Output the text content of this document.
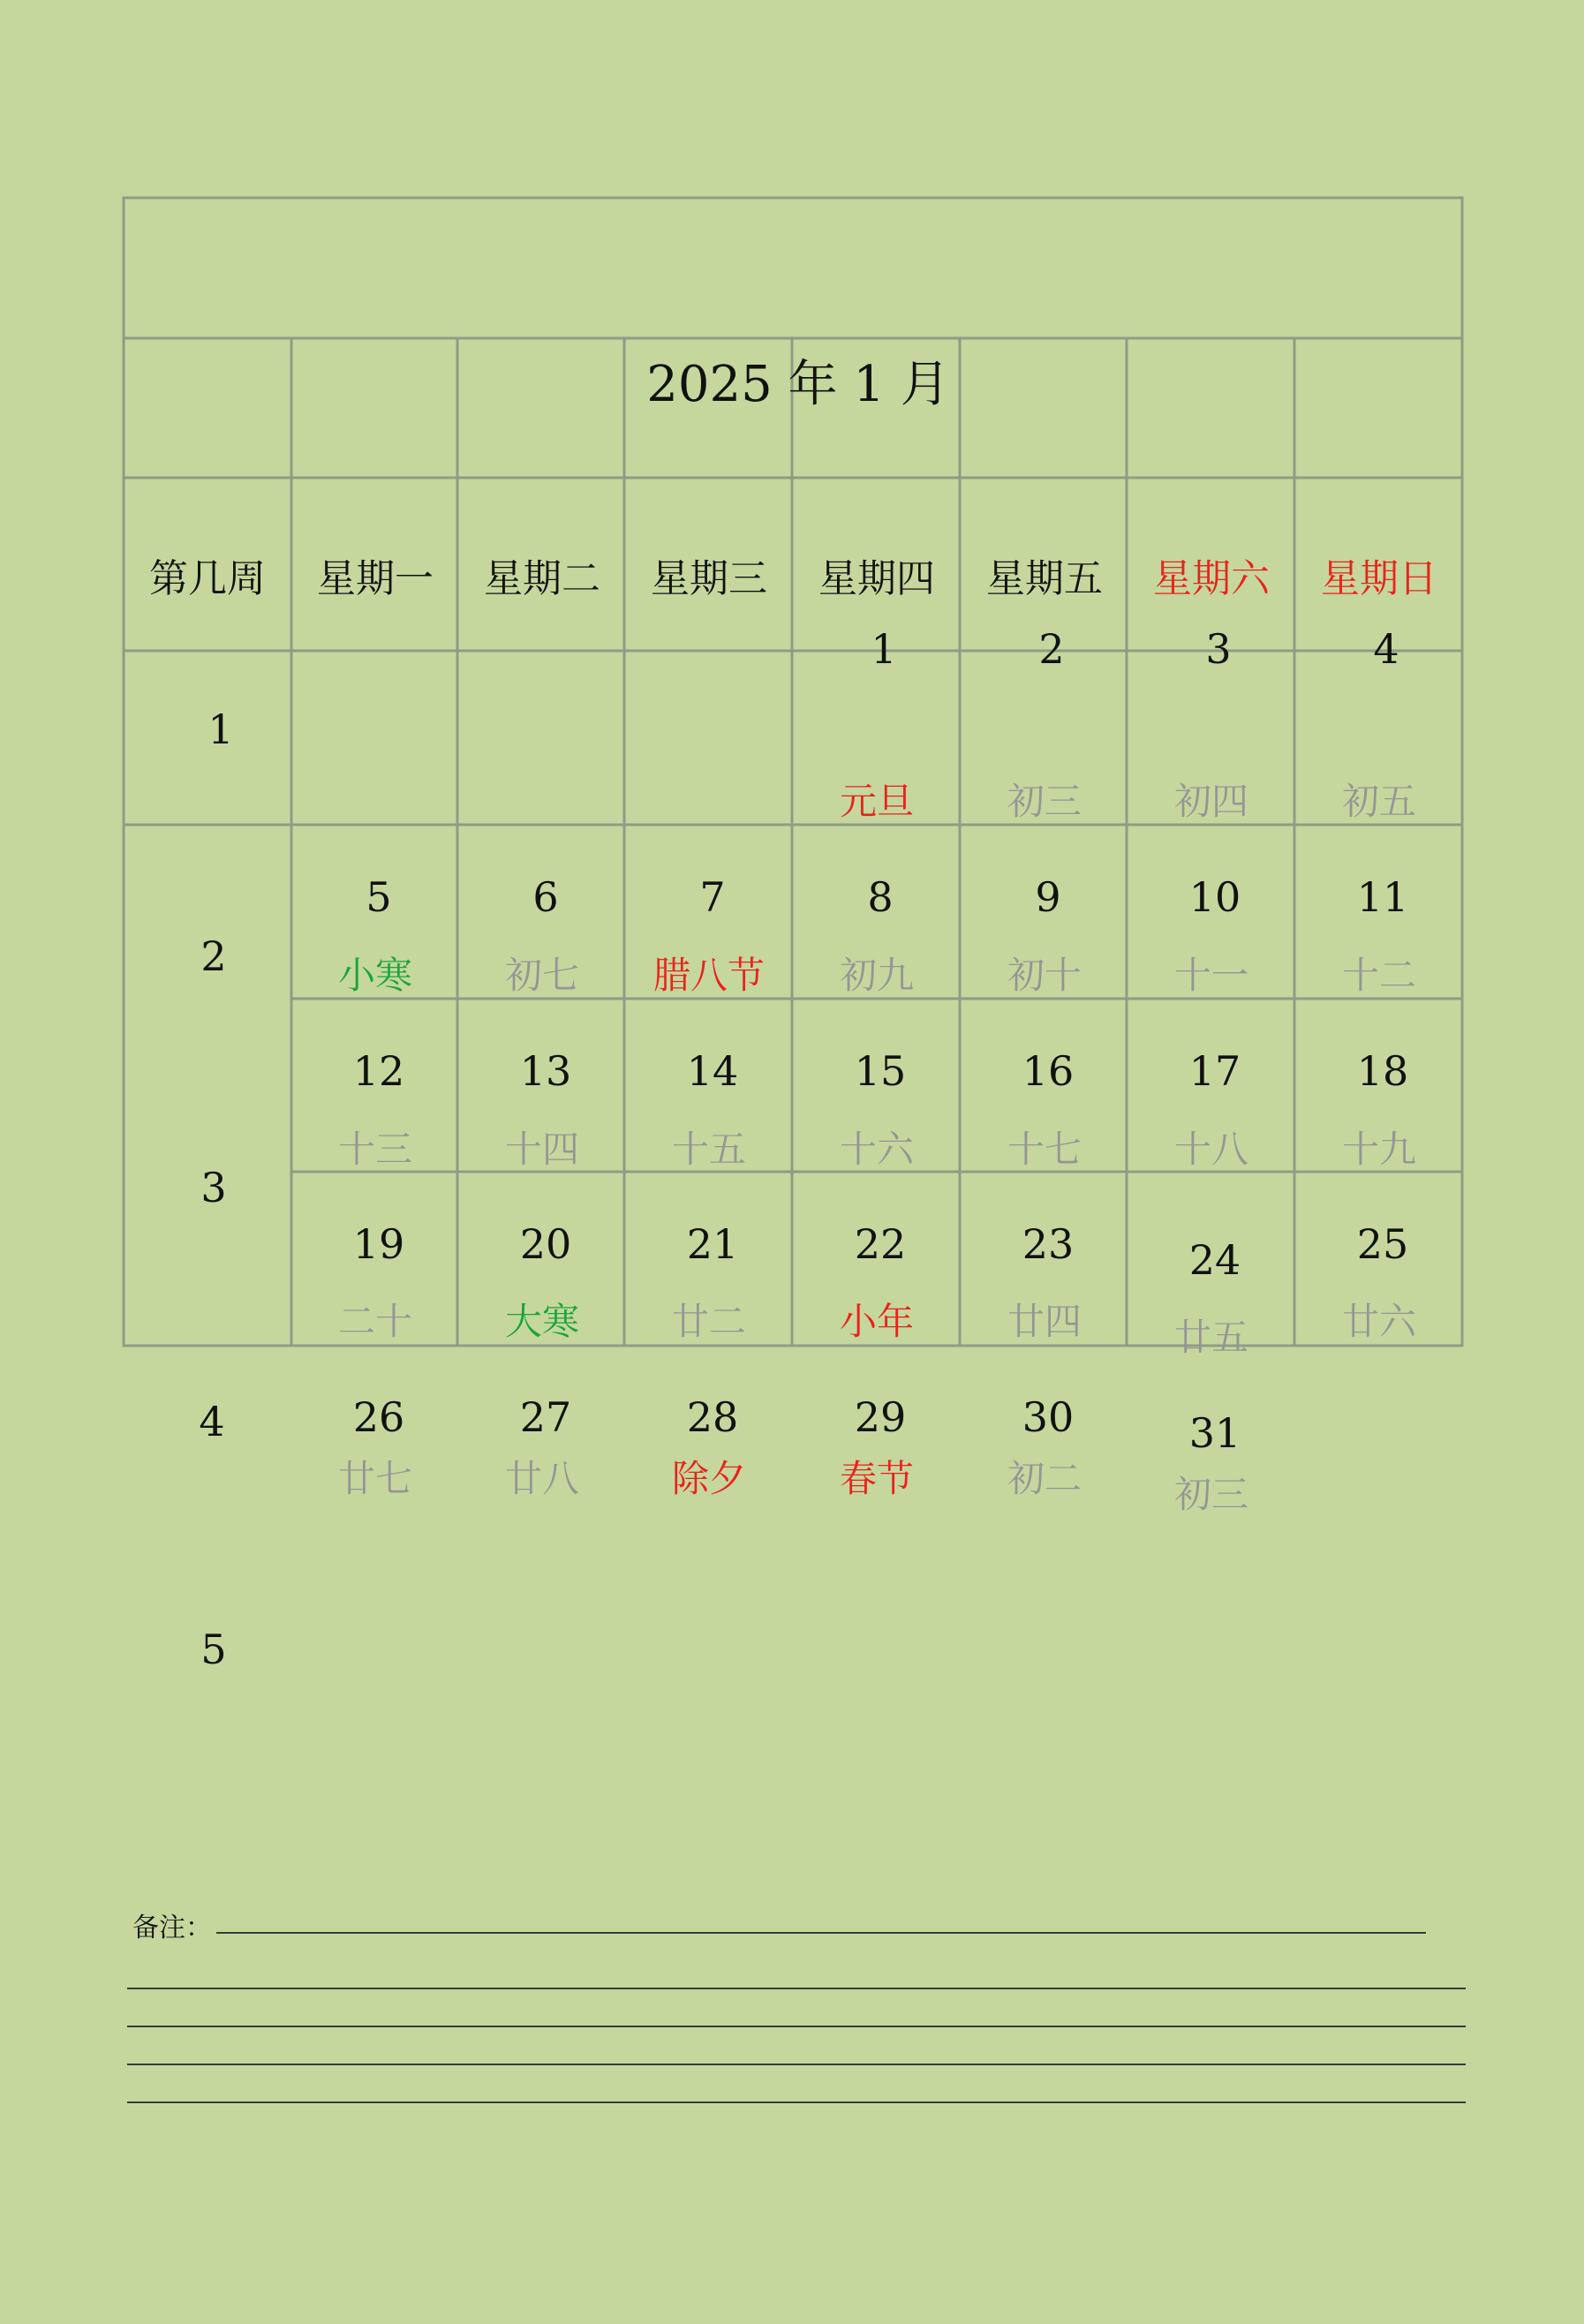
2025 年 1 月
第几周 星期一 星期二 星期三 星期四 星期五 星期六 星期日
1
2
3
4
5
1
元旦
2
初三
3
初四
4
初五
5
小寒
6
初七
7
腊八节
8
初九
9
初十
10
十一
11
十二
12
十三
13
十四
14
十五
15
十六
16
十七
17
十八
18
十九
19
二十
20
大寒
21
廿二
22
小年
23
廿四
24
廿五
25
廿六
26
廿七
27
廿八
28
除夕
29
春节
30
初二
31
初三
备注：
